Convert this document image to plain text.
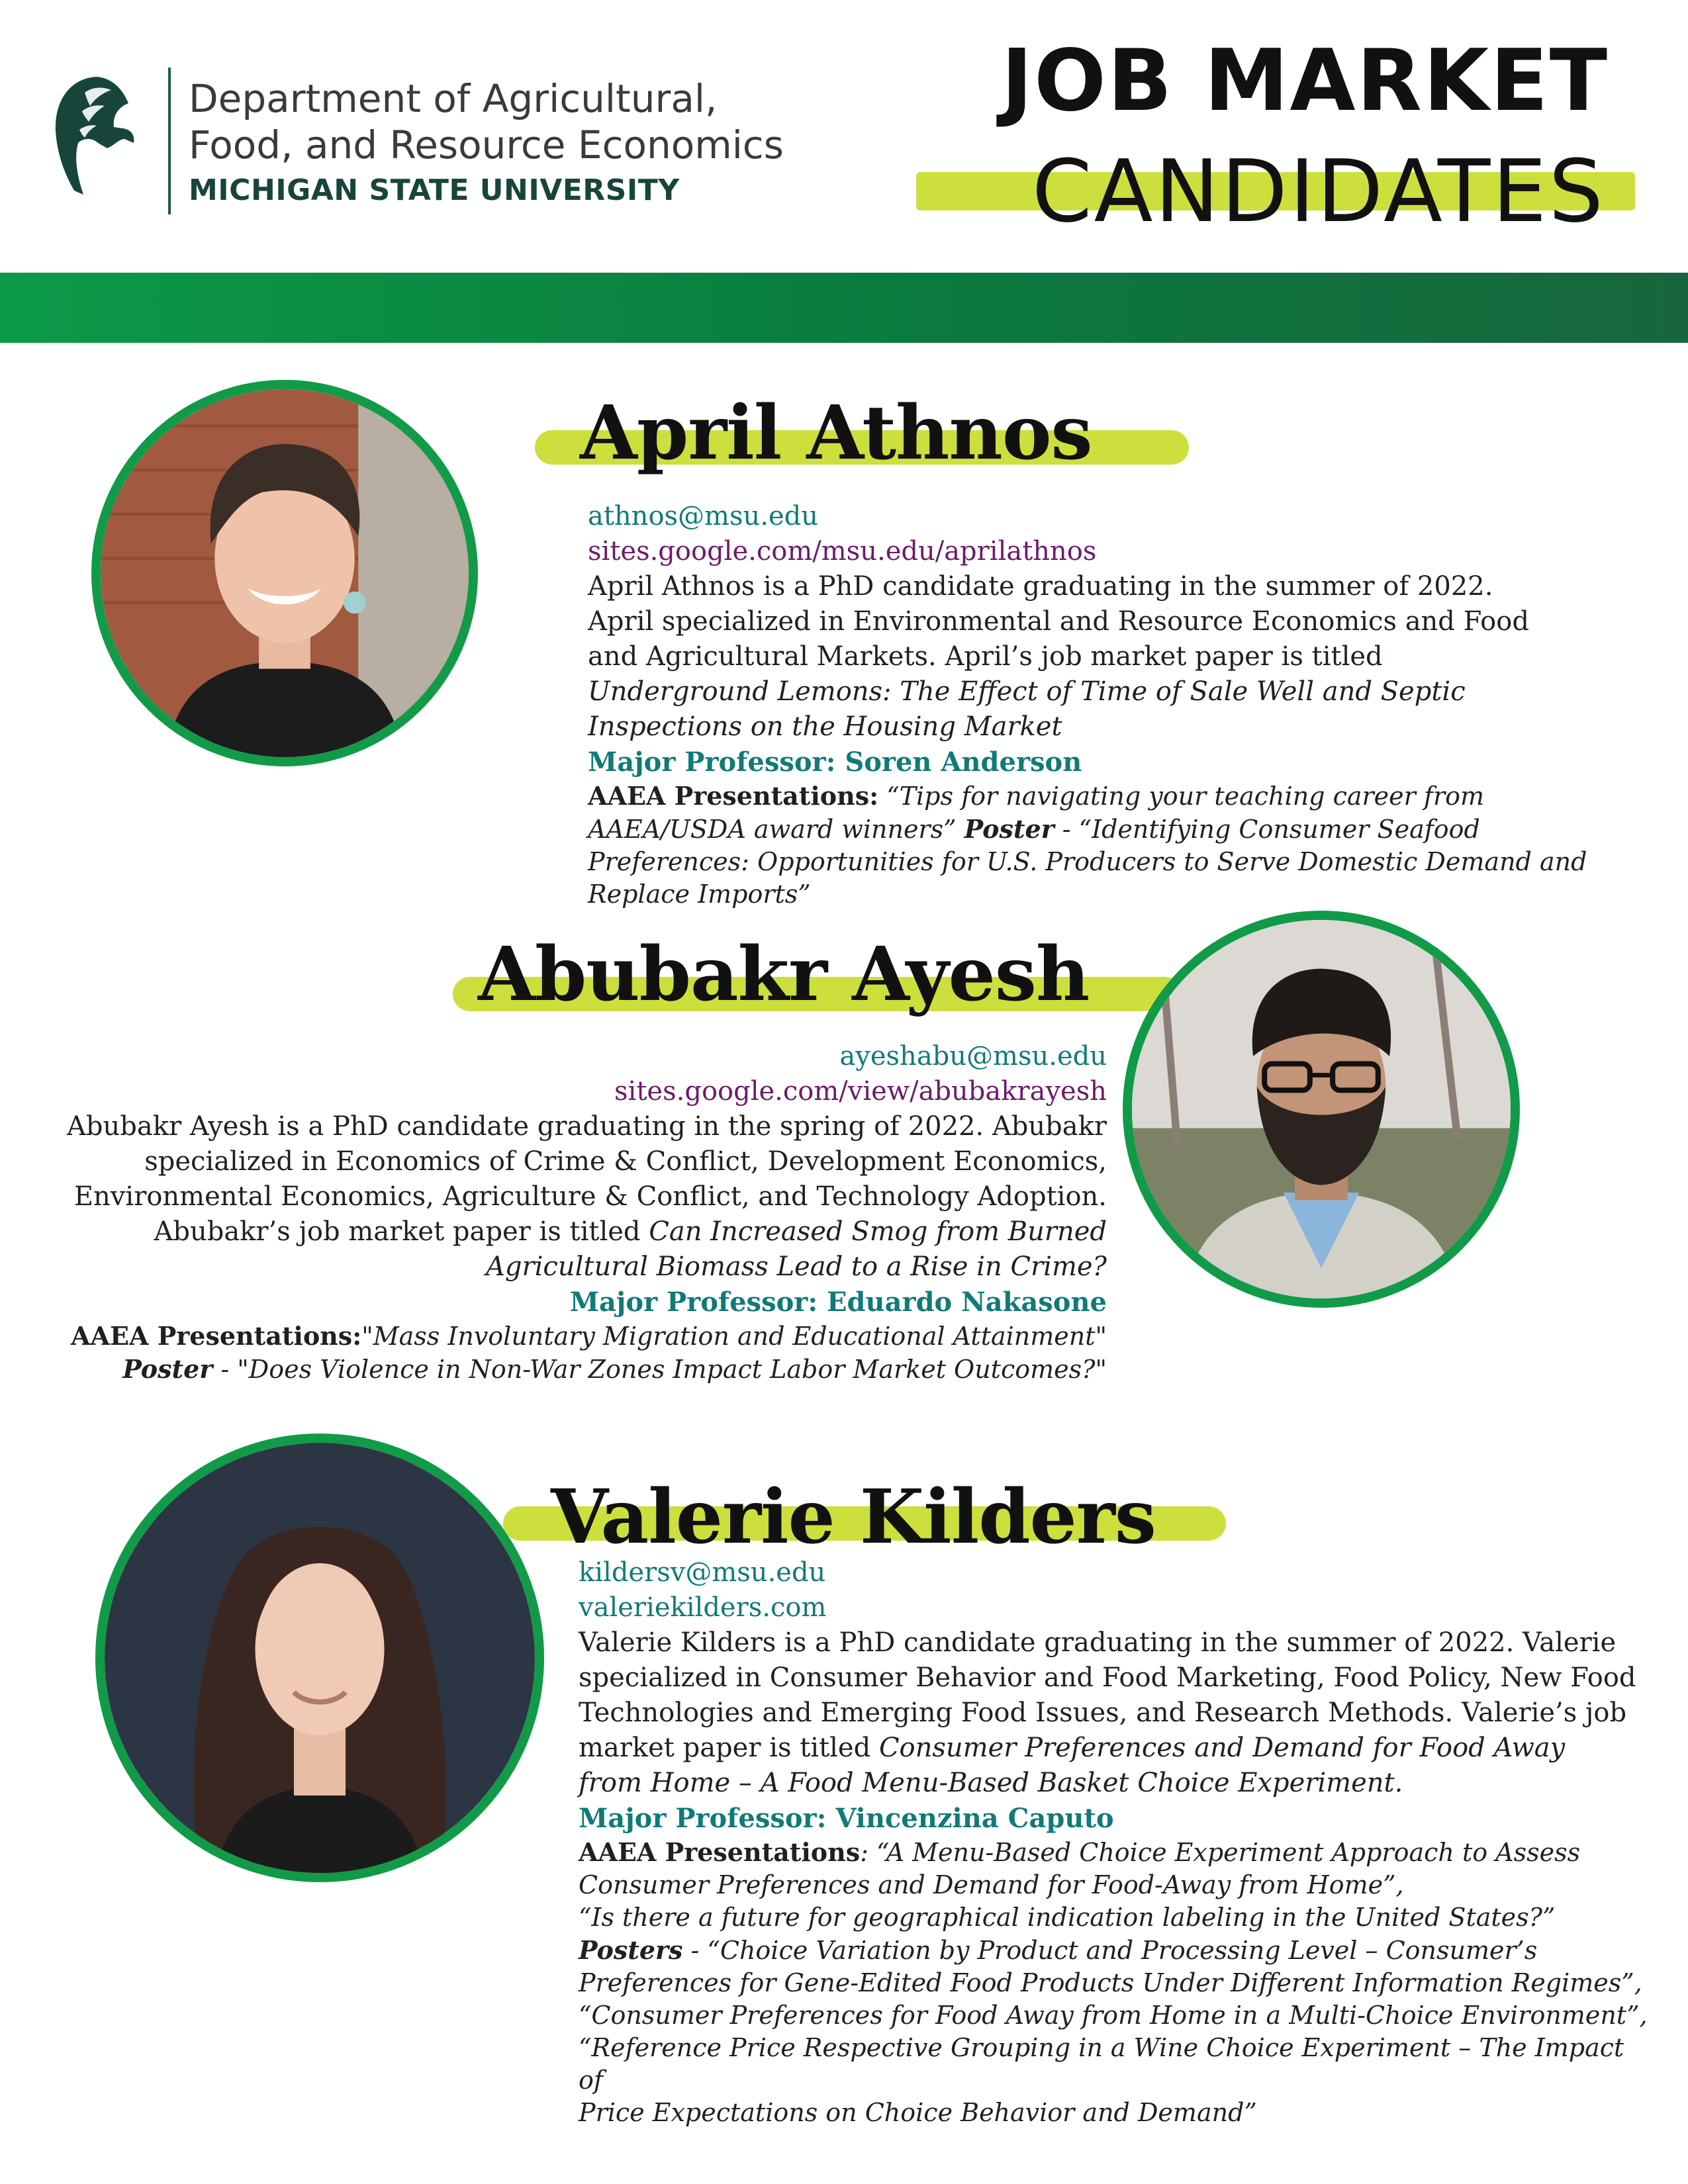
Department of Agricultural,
Food, and Resource Economics
MICHIGAN STATE UNIVERSITY
JOB MARKET
CANDIDATES
April Athnos
athnos@msu.edu
sites.google.com/msu.edu/aprilathnos
April Athnos is a PhD candidate graduating in the summer of 2022.
April specialized in Environmental and Resource Economics and Food
and Agricultural Markets. April’s job market paper is titled
Underground Lemons: The Effect of Time of Sale Well and Septic
Inspections on the Housing Market
Major Professor: Soren Anderson
AAEA Presentations: “Tips for navigating your teaching career from
AAEA/USDA award winners” Poster - “Identifying Consumer Seafood
Preferences: Opportunities for U.S. Producers to Serve Domestic Demand and
Replace Imports”
Abubakr Ayesh
ayeshabu@msu.edu
sites.google.com/view/abubakrayesh
Abubakr Ayesh is a PhD candidate graduating in the spring of 2022. Abubakr
specialized in Economics of Crime & Conflict, Development Economics,
Environmental Economics, Agriculture & Conflict, and Technology Adoption.
Abubakr’s job market paper is titled Can Increased Smog from Burned
Agricultural Biomass Lead to a Rise in Crime?
Major Professor: Eduardo Nakasone
AAEA Presentations:"Mass Involuntary Migration and Educational Attainment"
Poster - "Does Violence in Non-War Zones Impact Labor Market Outcomes?"
Valerie Kilders
kildersv@msu.edu
valeriekilders.com
Valerie Kilders is a PhD candidate graduating in the summer of 2022. Valerie
specialized in Consumer Behavior and Food Marketing, Food Policy, New Food
Technologies and Emerging Food Issues, and Research Methods. Valerie’s job
market paper is titled Consumer Preferences and Demand for Food Away
from Home – A Food Menu-Based Basket Choice Experiment.
Major Professor: Vincenzina Caputo
AAEA Presentations: “A Menu-Based Choice Experiment Approach to Assess
Consumer Preferences and Demand for Food-Away from Home”,
“Is there a future for geographical indication labeling in the United States?”
Posters - “Choice Variation by Product and Processing Level – Consumer’s
Preferences for Gene-Edited Food Products Under Different Information Regimes”,
“Consumer Preferences for Food Away from Home in a Multi-Choice Environment”,
“Reference Price Respective Grouping in a Wine Choice Experiment – The Impact of
Price Expectations on Choice Behavior and Demand”
